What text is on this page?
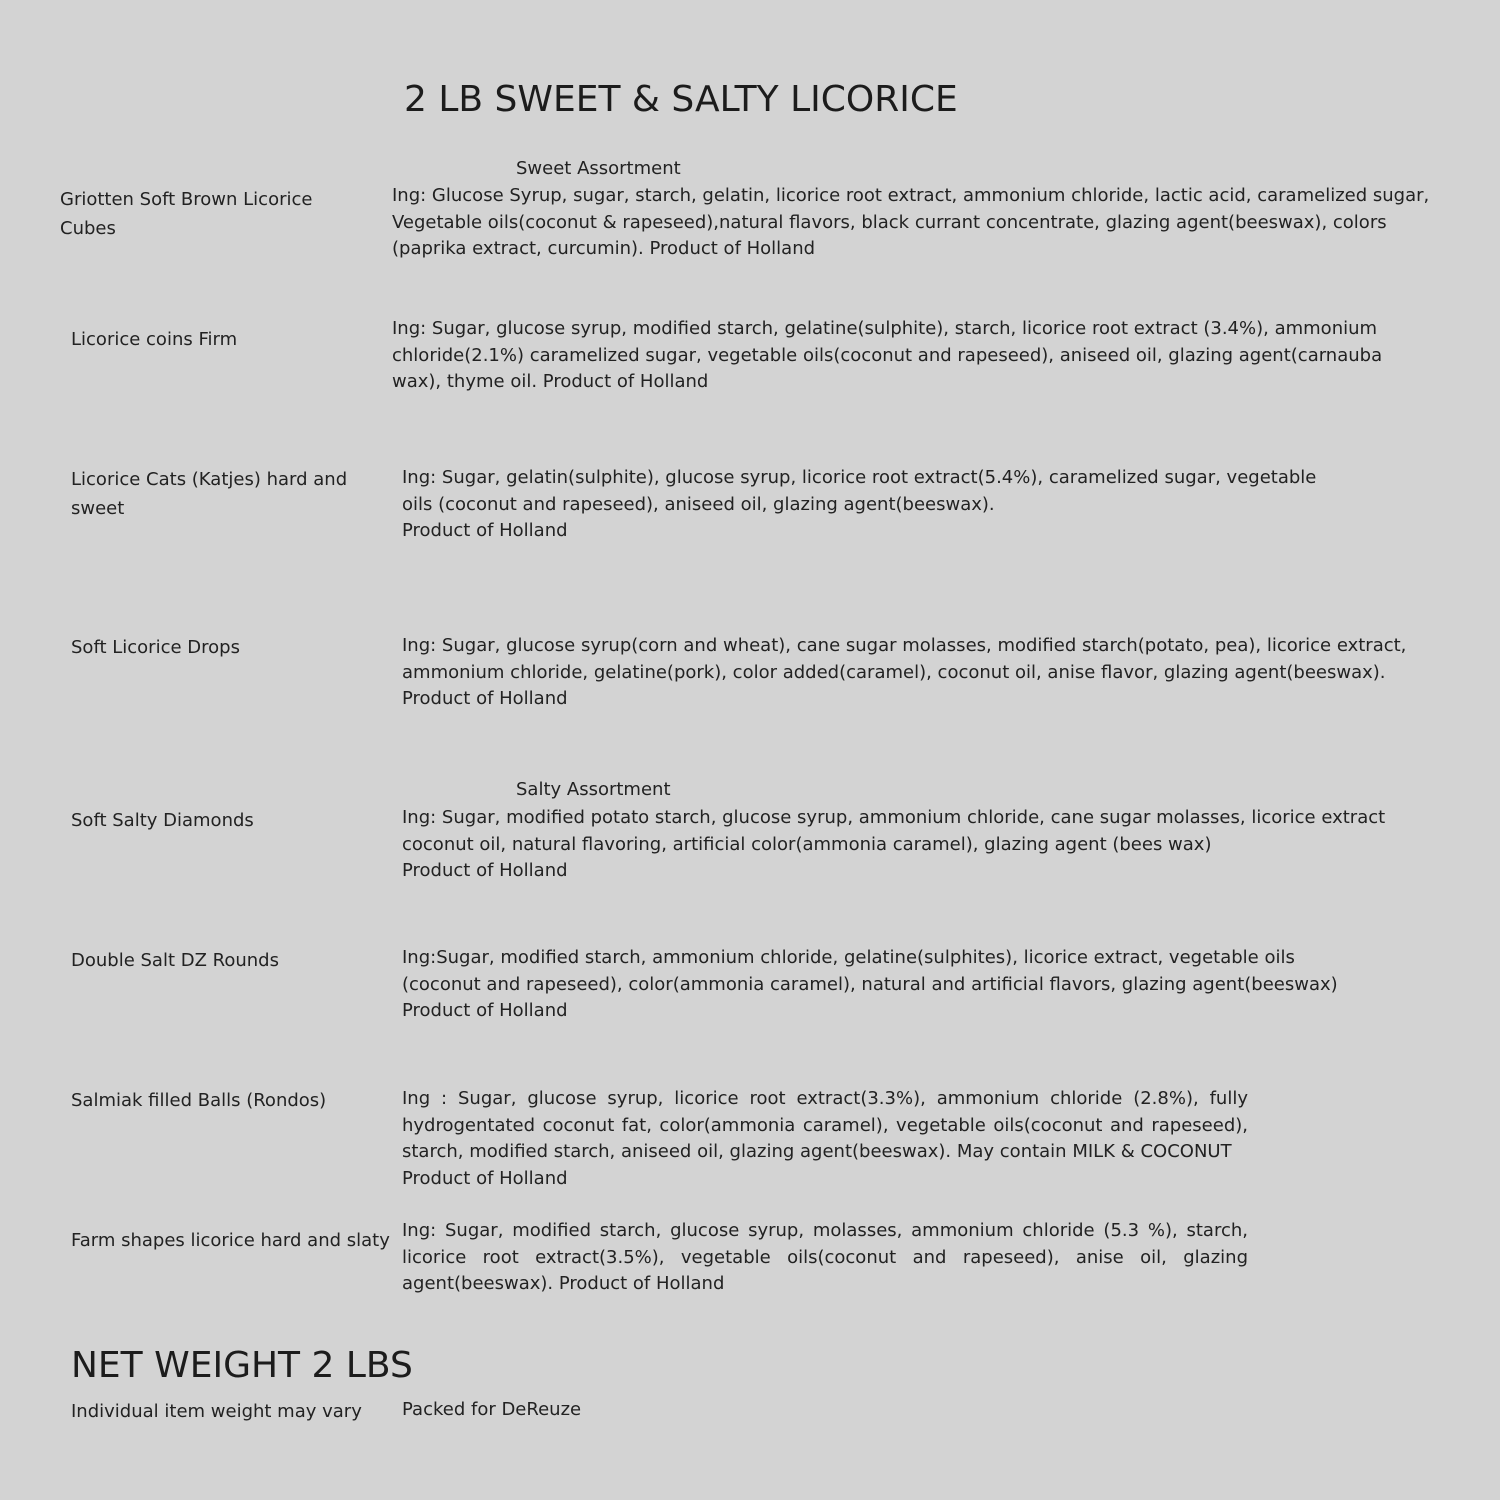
2 LB SWEET & SALTY LICORICE
Sweet Assortment
Griotten Soft Brown Licorice Cubes
Ing: Glucose Syrup, sugar, starch, gelatin, licorice root extract, ammonium chloride, lactic acid, caramelized sugar, Vegetable oils(coconut & rapeseed),natural flavors, black currant concentrate, glazing agent(beeswax), colors (paprika extract, curcumin). Product of Holland
Licorice coins Firm
Ing: Sugar, glucose syrup, modified starch, gelatine(sulphite), starch, licorice root extract (3.4%), ammonium chloride(2.1%) caramelized sugar, vegetable oils(coconut and rapeseed), aniseed oil, glazing agent(carnauba wax), thyme oil. Product of Holland
Licorice Cats (Katjes) hard and sweet
Ing: Sugar, gelatin(sulphite), glucose syrup, licorice root extract(5.4%), caramelized sugar, vegetable oils (coconut and rapeseed), aniseed oil, glazing agent(beeswax).
Product of Holland
Soft Licorice Drops	Ing: Sugar, glucose syrup(corn and wheat), cane sugar molasses, modified starch(potato, pea), licorice extract, ammonium chloride, gelatine(pork), color added(caramel), coconut oil, anise flavor, glazing agent(beeswax).
Product of Holland
Salty Assortment
Soft Salty Diamonds	Ing: Sugar, modified potato starch, glucose syrup, ammonium chloride, cane sugar molasses, licorice extract coconut oil, natural flavoring, artificial color(ammonia caramel), glazing agent (bees wax)
Product of Holland
Double Salt DZ Rounds	Ing:Sugar, modified starch, ammonium chloride, gelatine(sulphites), licorice extract, vegetable oils (coconut and rapeseed), color(ammonia caramel), natural and artificial flavors, glazing agent(beeswax)
Product of Holland
Salmiak filled Balls (Rondos)	Ing : Sugar, glucose syrup, licorice root extract(3.3%), ammonium chloride (2.8%), fully hydrogentated coconut fat, color(ammonia caramel), vegetable oils(coconut and rapeseed), starch, modified starch, aniseed oil, glazing agent(beeswax). May contain MILK & COCONUT
Product of Holland
Farm shapes licorice hard and slaty Ing: Sugar, modified starch, glucose syrup, molasses, ammonium chloride (5.3 %), starch, licorice root extract(3.5%), vegetable oils(coconut and rapeseed), anise oil, glazing agent(beeswax). Product of Holland
NET WEIGHT 2 LBS
Individual item weight may vary Packed for DeReuze
